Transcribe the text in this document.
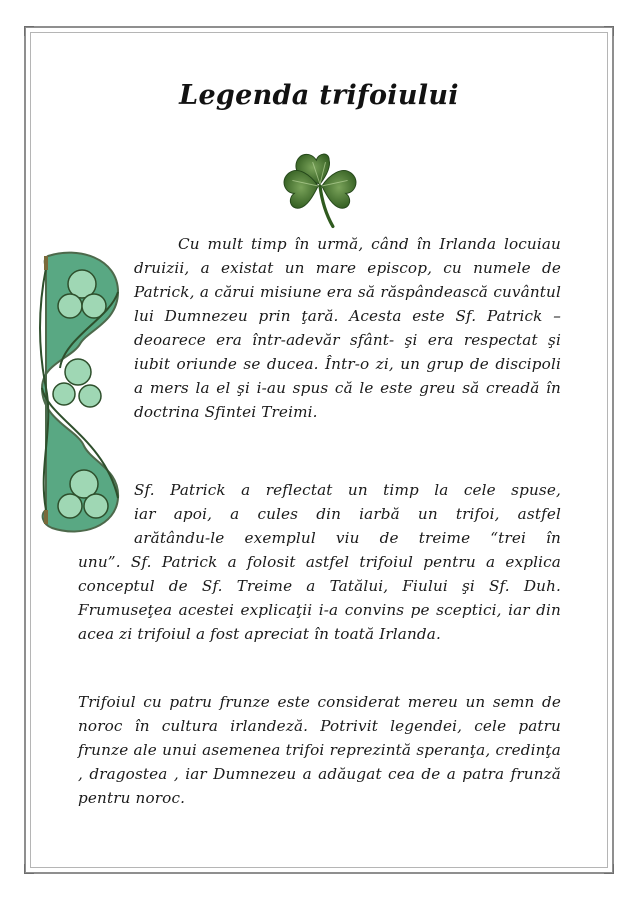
Legenda trifoiului

Cu mult timp în urmă, când în Irlanda locuiau druizii, a existat un mare episcop, cu numele de Patrick, a cărui misiune era să răspândească cuvântul lui Dumnezeu prin ţară. Acesta este Sf. Patrick – deoarece era într-adevăr sfânt- şi era respectat şi iubit oriunde se ducea. Într-o zi, un grup de discipoli a mers la el şi i-au spus că le este greu să creadă în doctrina Sfintei Treimi.

Sf. Patrick a reflectat un timp la cele spuse,
iar apoi, a cules din iarbă un trifoi, astfel
arătându-le exemplul viu de treime “trei în

unu”. Sf. Patrick a folosit astfel trifoiul pentru a explica conceptul de Sf. Treime a Tatălui, Fiului şi Sf. Duh. Frumuseţea acestei explicaţii i-a convins pe sceptici, iar din acea zi trifoiul a fost apreciat în toată Irlanda.

Trifoiul cu patru frunze este considerat mereu un semn de noroc în cultura irlandeză. Potrivit legendei, cele patru frunze ale unui asemenea trifoi reprezintă speranţa, credinţa , dragostea , iar Dumnezeu a adăugat cea de a patra frunză pentru noroc.
